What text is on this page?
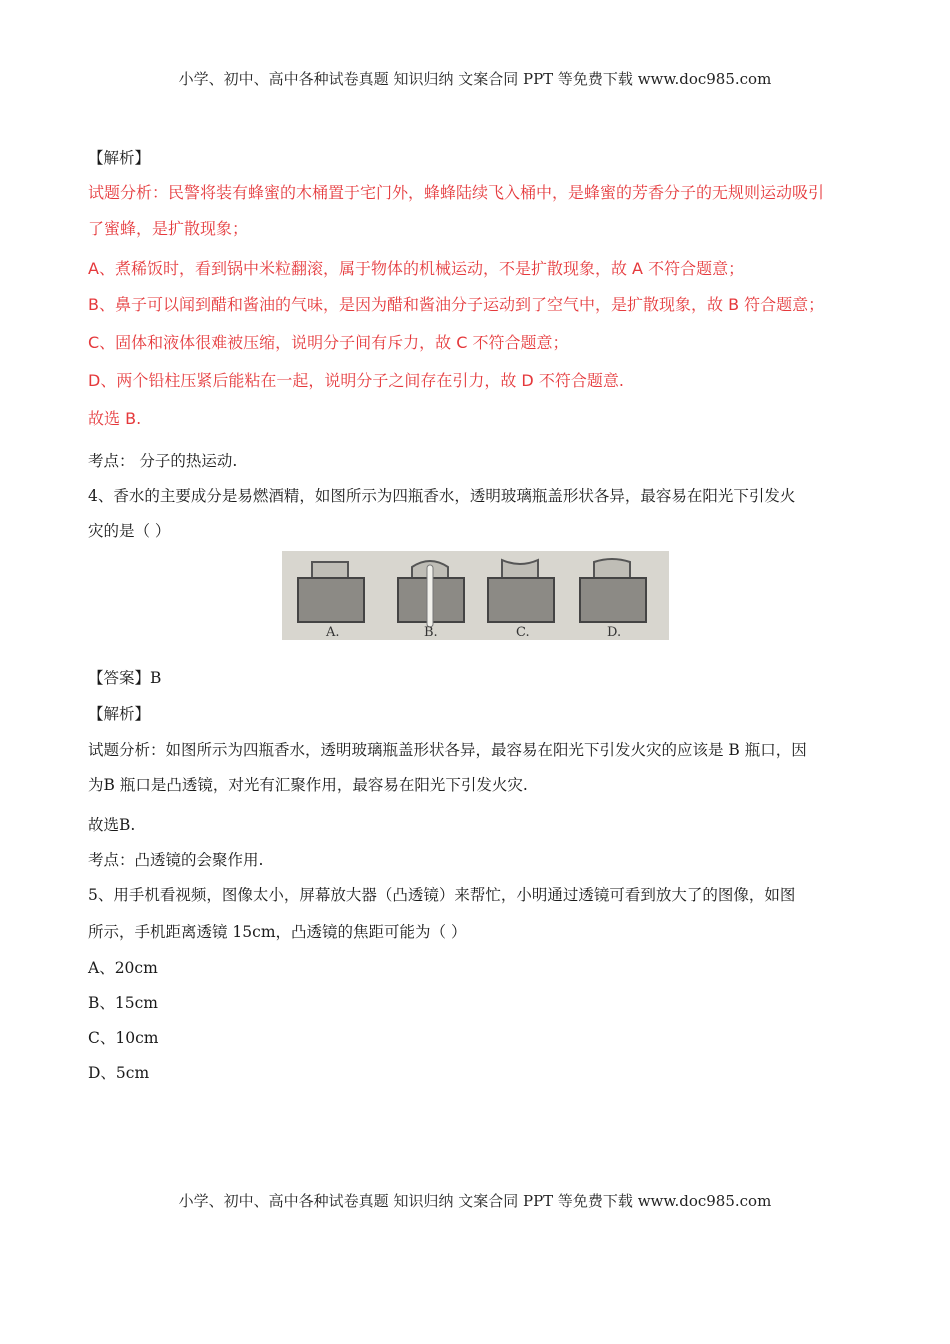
小学、初中、高中各种试卷真题 知识归纳 文案合同 PPT 等免费下载 www.doc985.com
【解析】
试题分析：民警将装有蜂蜜的木桶置于宅门外，蜂蜂陆续飞入桶中，是蜂蜜的芳香分子的无规则运动吸引
了蜜蜂，是扩散现象；
A、煮稀饭时，看到锅中米粒翻滚，属于物体的机械运动，不是扩散现象，故 A 不符合题意；
B、鼻子可以闻到醋和酱油的气味，是因为醋和酱油分子运动到了空气中，是扩散现象，故 B 符合题意；
C、固体和液体很难被压缩，说明分子间有斥力，故 C 不符合题意；
D、两个铅柱压紧后能粘在一起，说明分子之间存在引力，故 D 不符合题意.
故选 B.
考点： 分子的热运动.
4、香水的主要成分是易燃酒精，如图所示为四瓶香水，透明玻璃瓶盖形状各异，最容易在阳光下引发火
灾的是（ ）
【答案】B
【解析】
试题分析：如图所示为四瓶香水，透明玻璃瓶盖形状各异，最容易在阳光下引发火灾的应该是 B 瓶口，因
为B 瓶口是凸透镜，对光有汇聚作用，最容易在阳光下引发火灾.
故选B.
考点：凸透镜的会聚作用.
5、用手机看视频，图像太小，屏幕放大器（凸透镜）来帮忙，小明通过透镜可看到放大了的图像，如图
所示，手机距离透镜 15cm，凸透镜的焦距可能为（ ）
A、20cm
B、15cm
C、10cm
D、5cm
A.	B.	C.	D.
小学、初中、高中各种试卷真题 知识归纳 文案合同 PPT 等免费下载 www.doc985.com
